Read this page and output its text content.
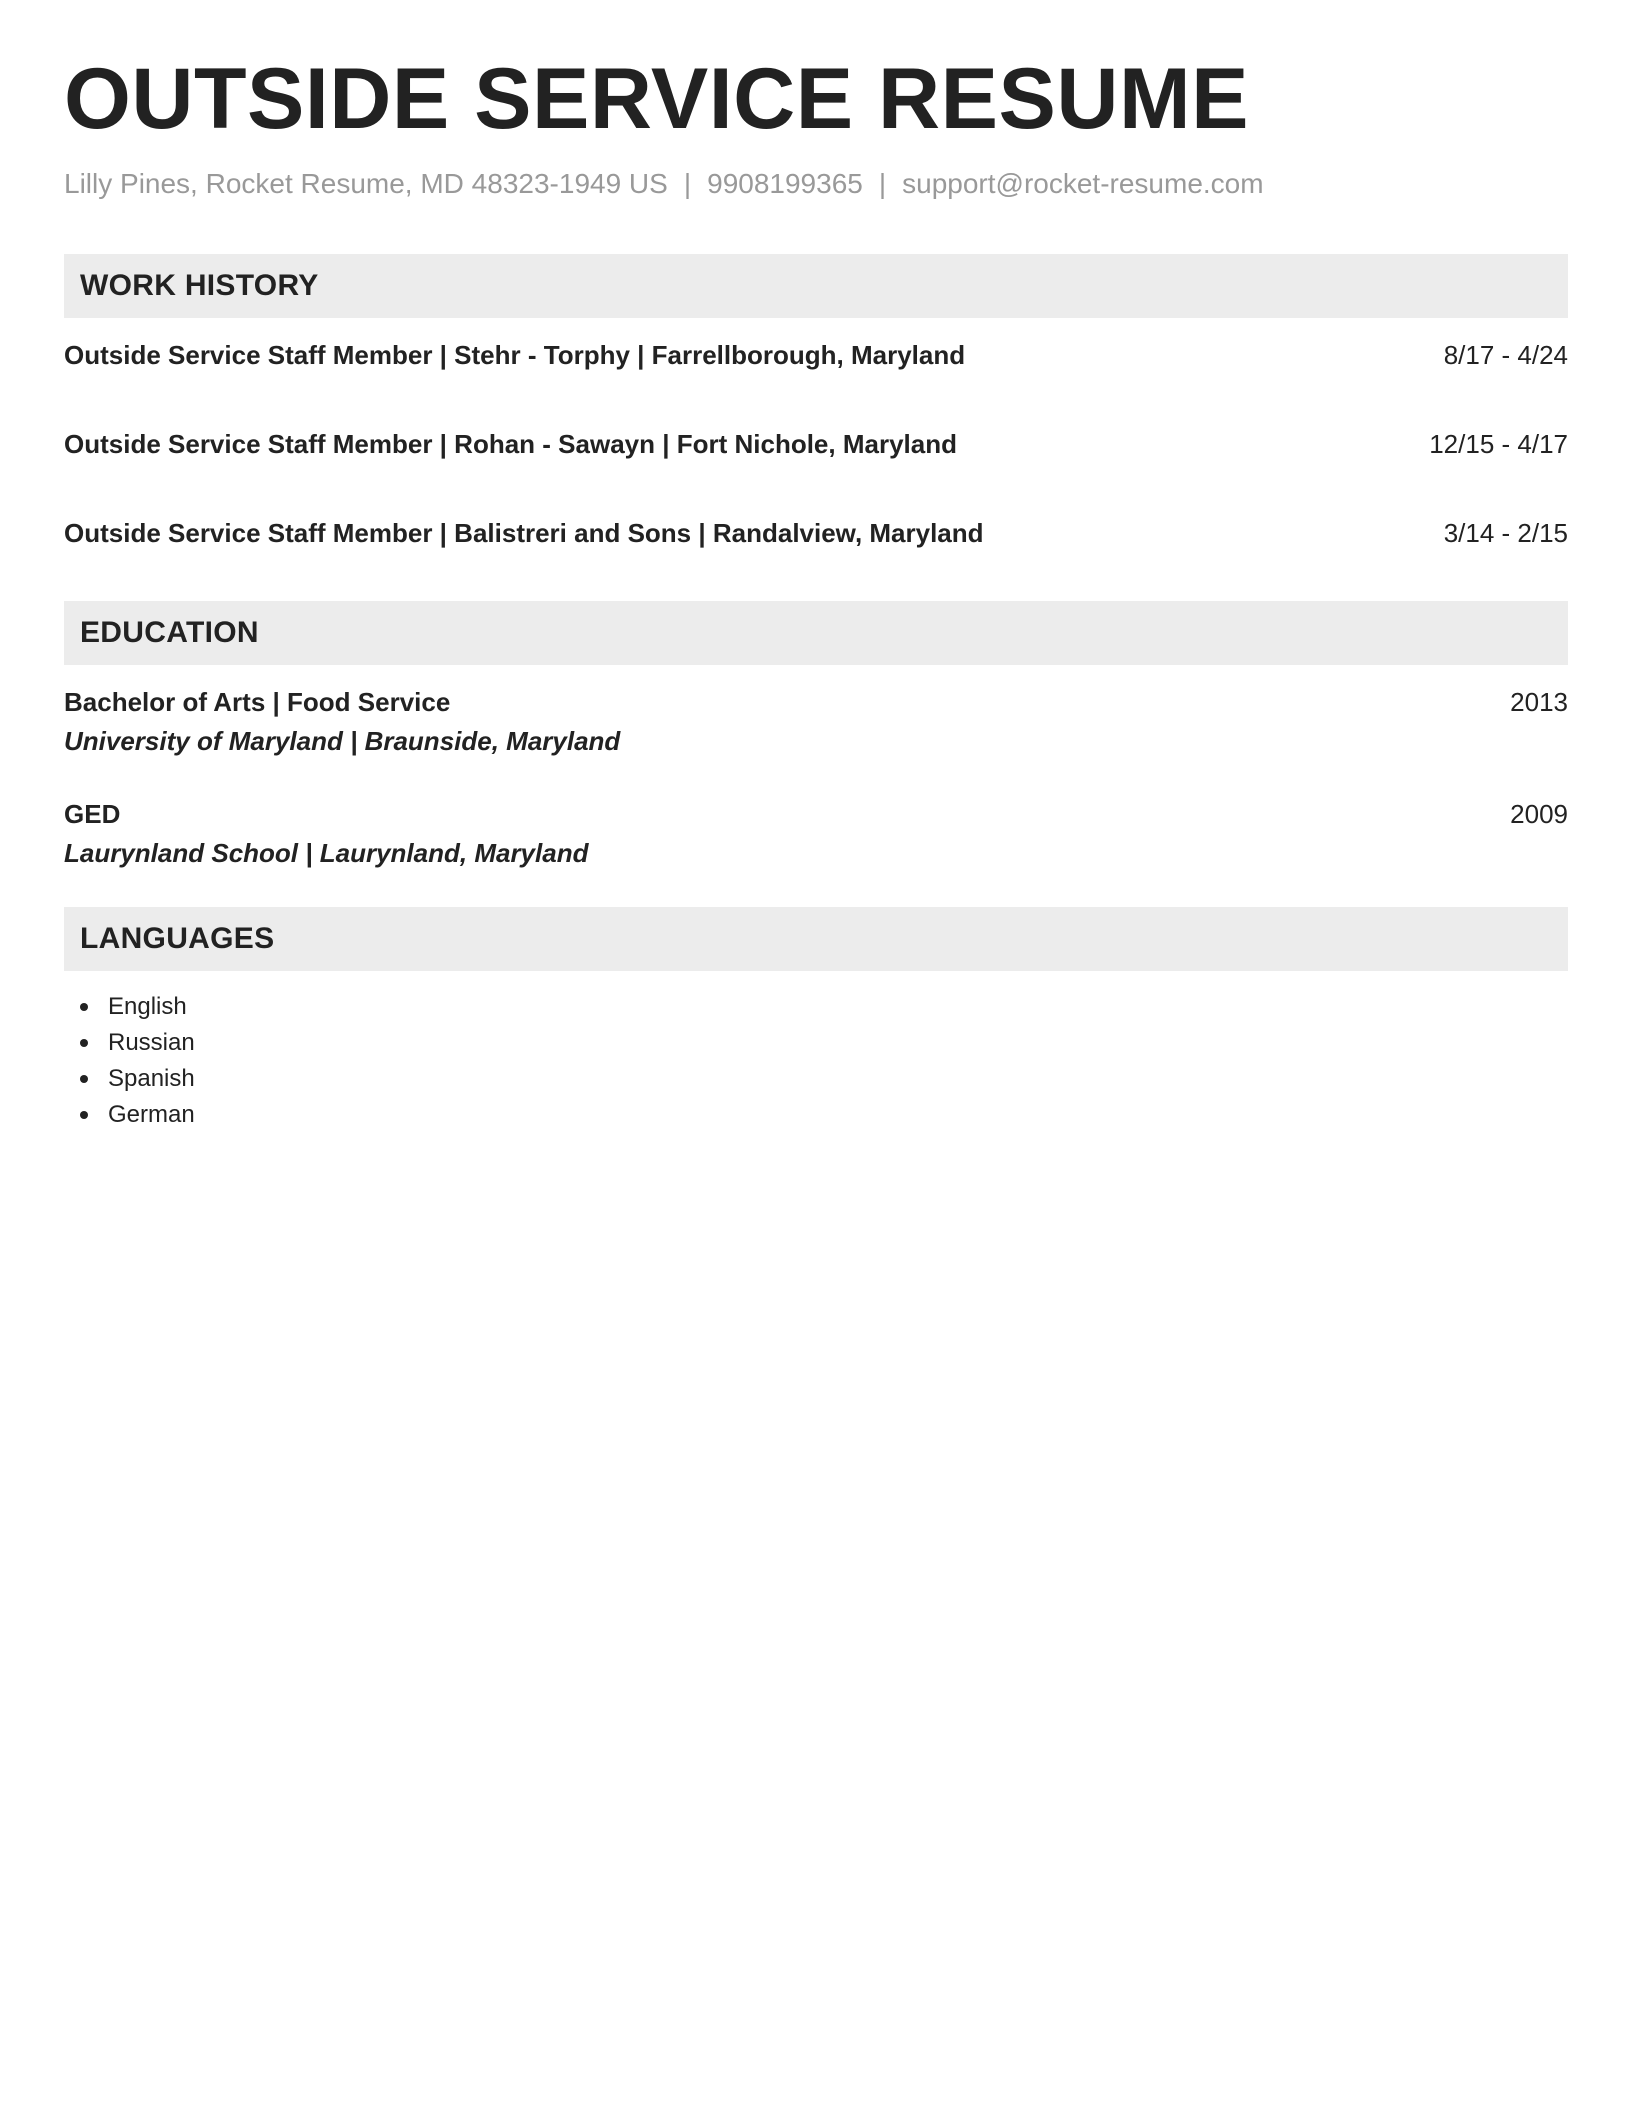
OUTSIDE SERVICE RESUME
Lilly Pines, Rocket Resume, MD 48323-1949 US | 9908199365 | support@rocket-resume.com
WORK HISTORY
Outside Service Staff Member | Stehr - Torphy | Farrellborough, Maryland	8/17 - 4/24
Outside Service Staff Member | Rohan - Sawayn | Fort Nichole, Maryland	12/15 - 4/17
Outside Service Staff Member | Balistreri and Sons | Randalview, Maryland	3/14 - 2/15
EDUCATION
Bachelor of Arts | Food Service	2013
University of Maryland | Braunside, Maryland
GED	2009
Laurynland School | Laurynland, Maryland
LANGUAGES
English
Russian
Spanish
German
